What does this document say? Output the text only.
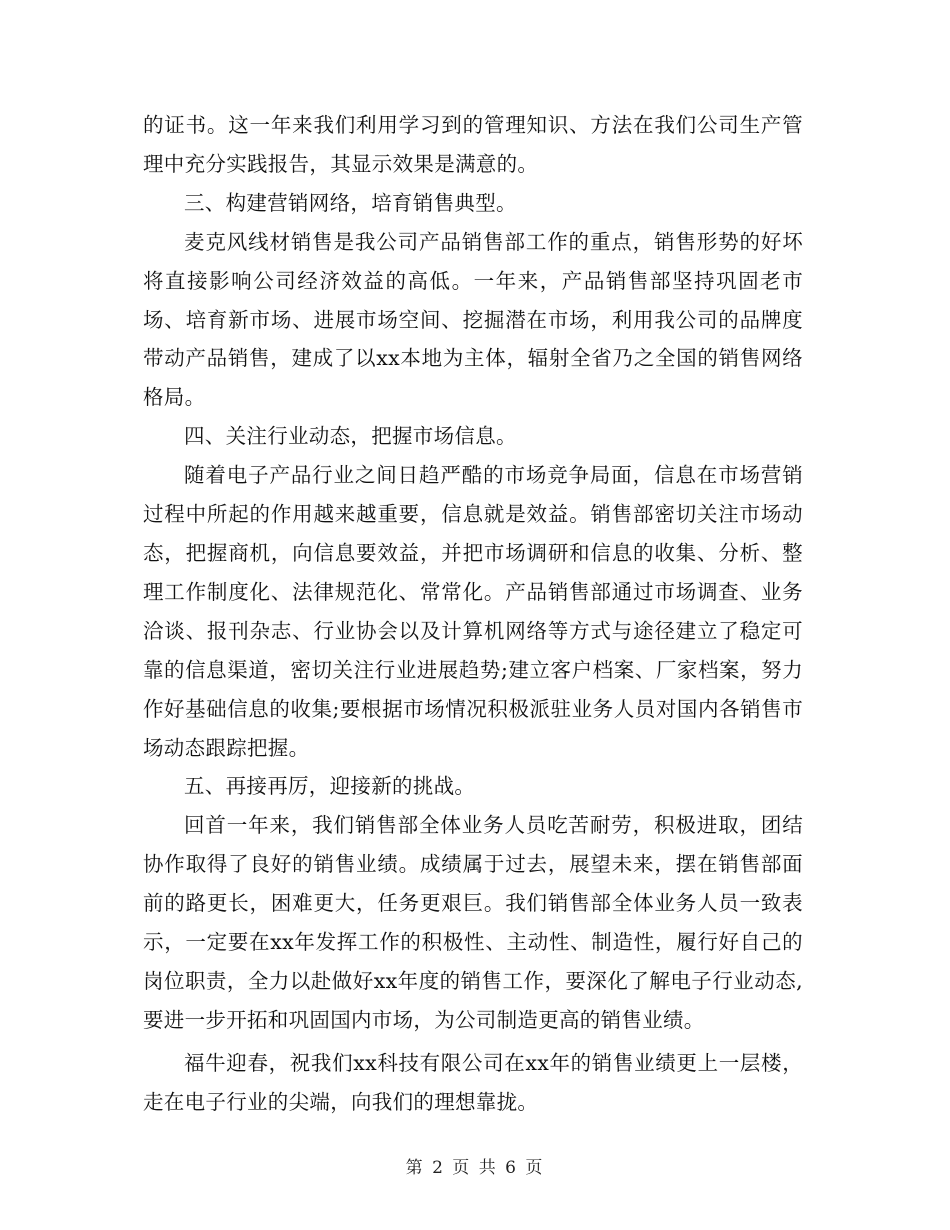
的证书。这一年来我们利用学习到的管理知识、方法在我们公司生产管理中充分实践报告，其显示效果是满意的。

三、构建营销网络，培育销售典型。

麦克风线材销售是我公司产品销售部工作的重点，销售形势的好坏将直接影响公司经济效益的高低。一年来，产品销售部坚持巩固老市场、培育新市场、进展市场空间、挖掘潜在市场，利用我公司的品牌度带动产品销售，建成了以xx本地为主体，辐射全省乃之全国的销售网络格局。

四、关注行业动态，把握市场信息。

随着电子产品行业之间日趋严酷的市场竞争局面，信息在市场营销过程中所起的作用越来越重要，信息就是效益。销售部密切关注市场动态，把握商机，向信息要效益，并把市场调研和信息的收集、分析、整理工作制度化、法律规范化、常常化。产品销售部通过市场调查、业务洽谈、报刊杂志、行业协会以及计算机网络等方式与途径建立了稳定可靠的信息渠道，密切关注行业进展趋势;建立客户档案、厂家档案，努力作好基础信息的收集;要根据市场情况积极派驻业务人员对国内各销售市场动态跟踪把握。

五、再接再厉，迎接新的挑战。

回首一年来，我们销售部全体业务人员吃苦耐劳，积极进取，团结协作取得了良好的销售业绩。成绩属于过去，展望未来，摆在销售部面前的路更长，困难更大，任务更艰巨。我们销售部全体业务人员一致表示，一定要在xx年发挥工作的积极性、主动性、制造性，履行好自己的岗位职责，全力以赴做好xx年度的销售工作，要深化了解电子行业动态,要进一步开拓和巩固国内市场，为公司制造更高的销售业绩。

福牛迎春，祝我们xx科技有限公司在xx年的销售业绩更上一层楼，走在电子行业的尖端，向我们的理想靠拢。

第 2 页 共 6 页
